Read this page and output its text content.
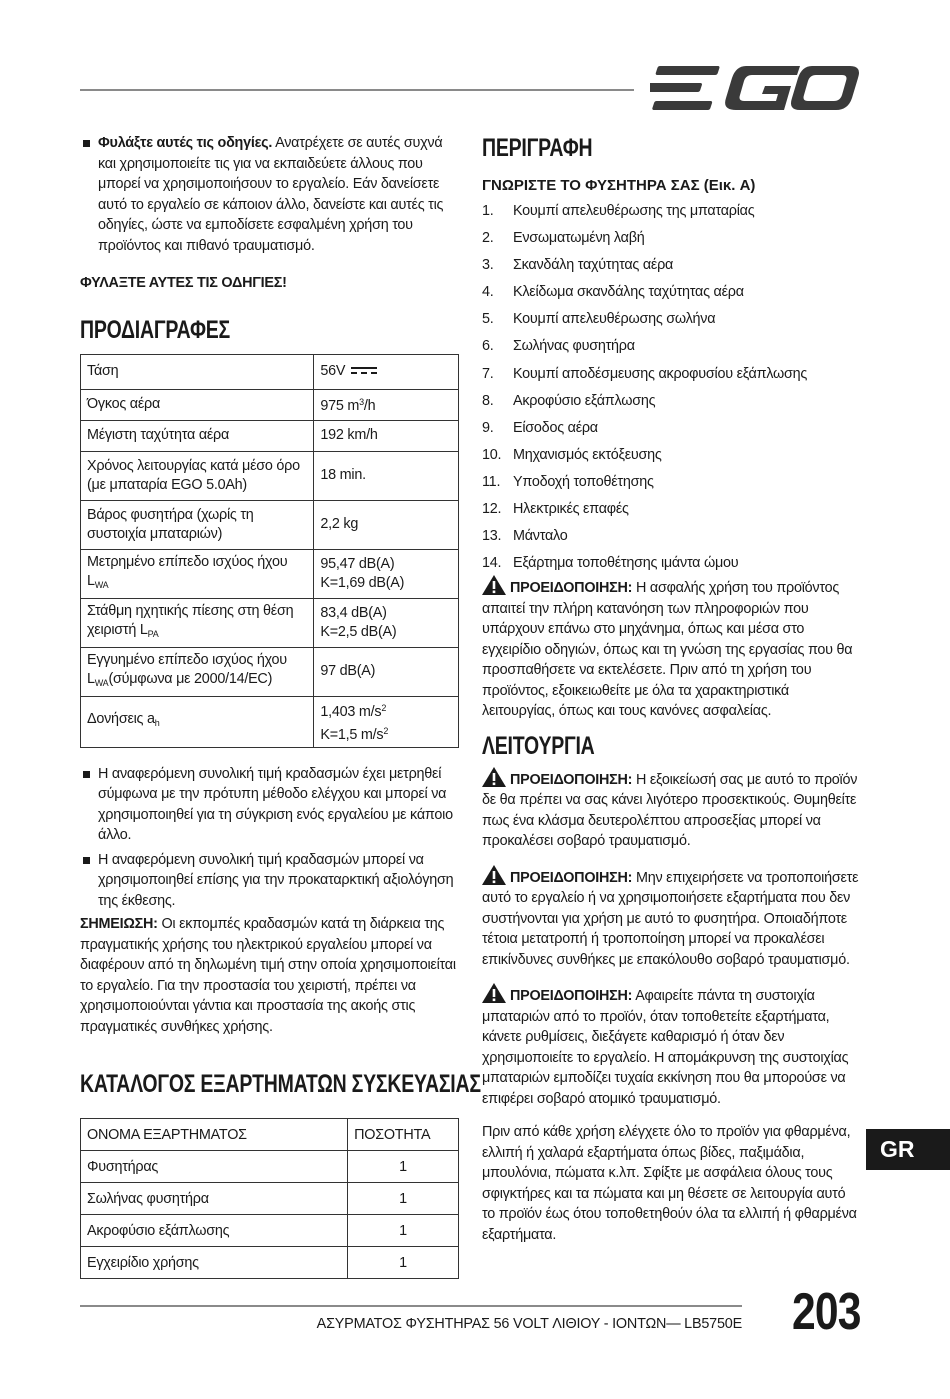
Φυλάξτε αυτές τις οδηγίες. Ανατρέχετε σε αυτές συχνά και χρησιμοποιείτε τις για να εκπαιδεύετε άλλους που μπορεί να χρησιμοποιήσουν το εργαλείο. Εάν δανείσετε αυτό το εργαλείο σε κάποιον άλλο, δανείστε και αυτές τις οδηγίες, ώστε να εμποδίσετε εσφαλμένη χρήση του προϊόντος και πιθανό τραυματισμό.
ΦΥΛΑΞΤΕ ΑΥΤΕΣ ΤΙΣ ΟΔΗΓΙΕΣ!
ΠΡΟΔΙΑΓΡΑΦΕΣ
Τάση	56V

Όγκος αέρα	975 $m^3/h$
Μέγιστη ταχύτητα αέρα	192 km/h
Χρόνος λειτουργίας κατά μέσο όρο (με μπαταρία EGO 5.0Ah)	18 min.
Βάρος φυσητήρα (χωρίς τη συστοιχία μπαταριών)	2,2 kg
Μετρημένο επίπεδο ισχύος ήχου $L_{WA}$	95,47 dB(A)
K=1,69 dB(A)
Στάθμη ηχητικής πίεσης στη θέση χειριστή $L_{PA}$	83,4 dB(A)
K=2,5 dB(A)
Εγγυημένο επίπεδο ισχύος ήχου $L_{WA}(\sigma ύ\mu\varphi\omega\nu\alpha$ με 2000/14/EC)	97 dB(A)
Δονήσεις $a_h$	1,403 $m/s^2$
K=1,5 $m/s^2$
Η αναφερόμενη συνολική τιμή κραδασμών έχει μετρηθεί σύμφωνα με την πρότυπη μέθοδο ελέγχου και μπορεί να χρησιμοποιηθεί για τη σύγκριση ενός εργαλείου με κάποιο άλλο.
Η αναφερόμενη συνολική τιμή κραδασμών μπορεί να χρησιμοποιηθεί επίσης για την προκαταρκτική αξιολόγηση της έκθεσης.
ΣΗΜΕΙΩΣΗ: Οι εκπομπές κραδασμών κατά τη διάρκεια της πραγματικής χρήσης του ηλεκτρικού εργαλείου μπορεί να διαφέρουν από τη δηλωμένη τιμή στην οποία χρησιμοποιείται το εργαλείο. Για την προστασία του χειριστή, πρέπει να χρησιμοποιούνται γάντια και προστασία της ακοής στις πραγματικές συνθήκες χρήσης.
ΚΑΤΑΛΟΓΟΣ ΕΞΑΡΤΗΜΑΤΩΝ ΣΥΣΚΕΥΑΣΙΑΣ
ΟΝΟΜΑ ΕΞΑΡΤΗΜΑΤΟΣ	ΠΟΣΟΤΗΤΑ
Φυσητήρας	1
Σωλήνας φυσητήρα	1
Ακροφύσιο εξάπλωσης	1
Εγχειρίδιο χρήσης	1
ΠΕΡΙΓΡΑΦΗ
ΓΝΩΡΙΣΤΕ ΤΟ ΦΥΣΗΤΗΡΑ ΣΑΣ (Εικ. A)
1.	Κουμπί απελευθέρωσης της μπαταρίας
2.	Ενσωματωμένη λαβή
3.	Σκανδάλη ταχύτητας αέρα
4.	Κλείδωμα σκανδάλης ταχύτητας αέρα
5.	Κουμπί απελευθέρωσης σωλήνα
6.	Σωλήνας φυσητήρα
7.	Κουμπί αποδέσμευσης ακροφυσίου εξάπλωσης
8.	Ακροφύσιο εξάπλωσης
9.	Είσοδος αέρα
10. Μηχανισμός εκτόξευσης
11. Υποδοχή τοποθέτησης
12. Ηλεκτρικές επαφές
13. Μάνταλο
14. Εξάρτημα τοποθέτησης ιμάντα ώμου
ΠΡΟΕΙΔΟΠΟΙΗΣΗ: Η ασφαλής χρήση του προϊόντος απαιτεί την πλήρη κατανόηση των πληροφοριών που υπάρχουν επάνω στο μηχάνημα, όπως και μέσα στο εγχειρίδιο οδηγιών, όπως και τη γνώση της εργασίας που θα προσπαθήσετε να εκτελέσετε. Πριν από τη χρήση του προϊόντος, εξοικειωθείτε με όλα τα χαρακτηριστικά λειτουργίας, όπως και τους κανόνες ασφαλείας.
ΛΕΙΤΟΥΡΓΙΑ
ΠΡΟΕΙΔΟΠΟΙΗΣΗ: Η εξοικείωσή σας με αυτό το προϊόν δε θα πρέπει να σας κάνει λιγότερο προσεκτικούς. Θυμηθείτε πως ένα κλάσμα δευτερολέπτου απροσεξίας μπορεί να προκαλέσει σοβαρό τραυματισμό.
ΠΡΟΕΙΔΟΠΟΙΗΣΗ: Μην επιχειρήσετε να τροποποιήσετε αυτό το εργαλείο ή να χρησιμοποιήσετε εξαρτήματα που δεν συστήνονται για χρήση με αυτό το φυσητήρα. Οποιαδήποτε τέτοια μετατροπή ή τροποποίηση μπορεί να προκαλέσει επικίνδυνες συνθήκες με επακόλουθο σοβαρό τραυματισμό.
ΠΡΟΕΙΔΟΠΟΙΗΣΗ: Αφαιρείτε πάντα τη συστοιχία μπαταριών από το προϊόν, όταν τοποθετείτε εξαρτήματα, κάνετε ρυθμίσεις, διεξάγετε καθαρισμό ή όταν δεν χρησιμοποιείτε το εργαλείο. Η απομάκρυνση της συστοιχίας μπαταριών εμποδίζει τυχαία εκκίνηση που θα μπορούσε να επιφέρει σοβαρό ατομικό τραυματισμό.
Πριν από κάθε χρήση ελέγχετε όλο το προϊόν για φθαρμένα, ελλιπή ή χαλαρά εξαρτήματα όπως βίδες, παξιμάδια, μπουλόνια, πώματα κ.λπ. Σφίξτε με ασφάλεια όλους τους σφιγκτήρες και τα πώματα και μη θέσετε σε λειτουργία αυτό το προϊόν έως ότου τοποθετηθούν όλα τα ελλιπή ή φθαρμένα εξαρτήματα.
GR
ΑΣΥΡΜΑΤΟΣ ΦΥΣΗΤΗΡΑΣ 56 VOLT ΛΙΘΙΟΥ - ΙΟΝΤΩΝ— LB5750E 203
